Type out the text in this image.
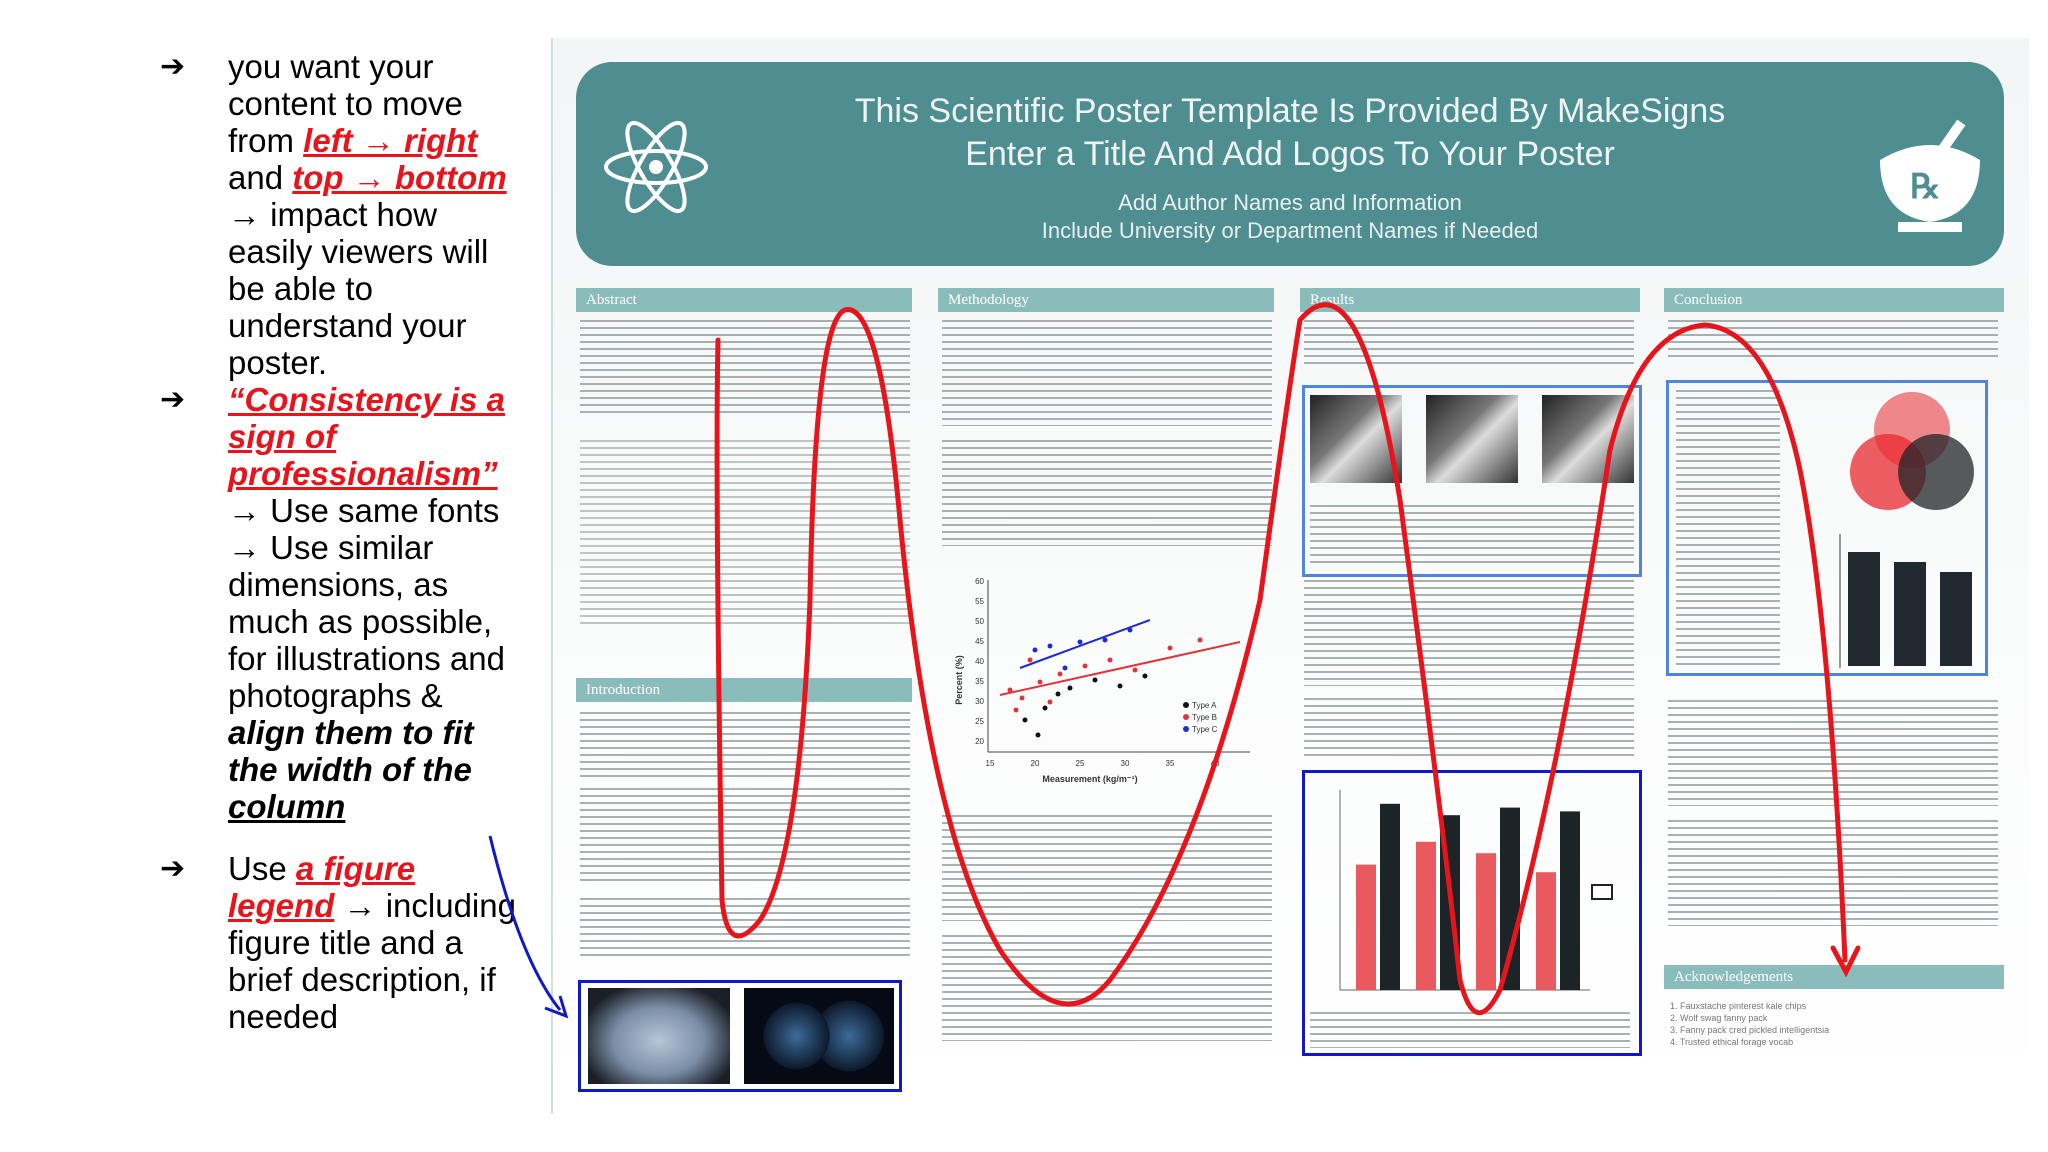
➔ you want your
content to move
from left → right
and top → bottom
→ impact how
easily viewers will
be able to
understand your
poster.
➔ “Consistency is a
sign of
professionalism”
→ Use same fonts
→ Use similar
dimensions, as
much as possible,
for illustrations and
photographs &
align them to fit
the width of the
column
➔ Use a figure
legend → including
figure title and a
brief description, if
needed
℞
This Scientific Poster Template Is Provided By MakeSigns
Enter a Title And Add Logos To Your Poster
Add Author Names and Information
Include University or Department Names if Needed
Abstract
Introduction
Methodology
60
55
50
45
40
35
30
25
20
15	20	25	30	35	40
Measurement (kg/m⁻¹)
Percent (%)
Type A
Type B
Type C
Results	Conclusion
Acknowledgements
1. Fauxstache pinterest kale chips
2. Wolf swag fanny pack
3. Fanny pack cred pickled intelligentsia
4. Trusted ethical forage vocab
